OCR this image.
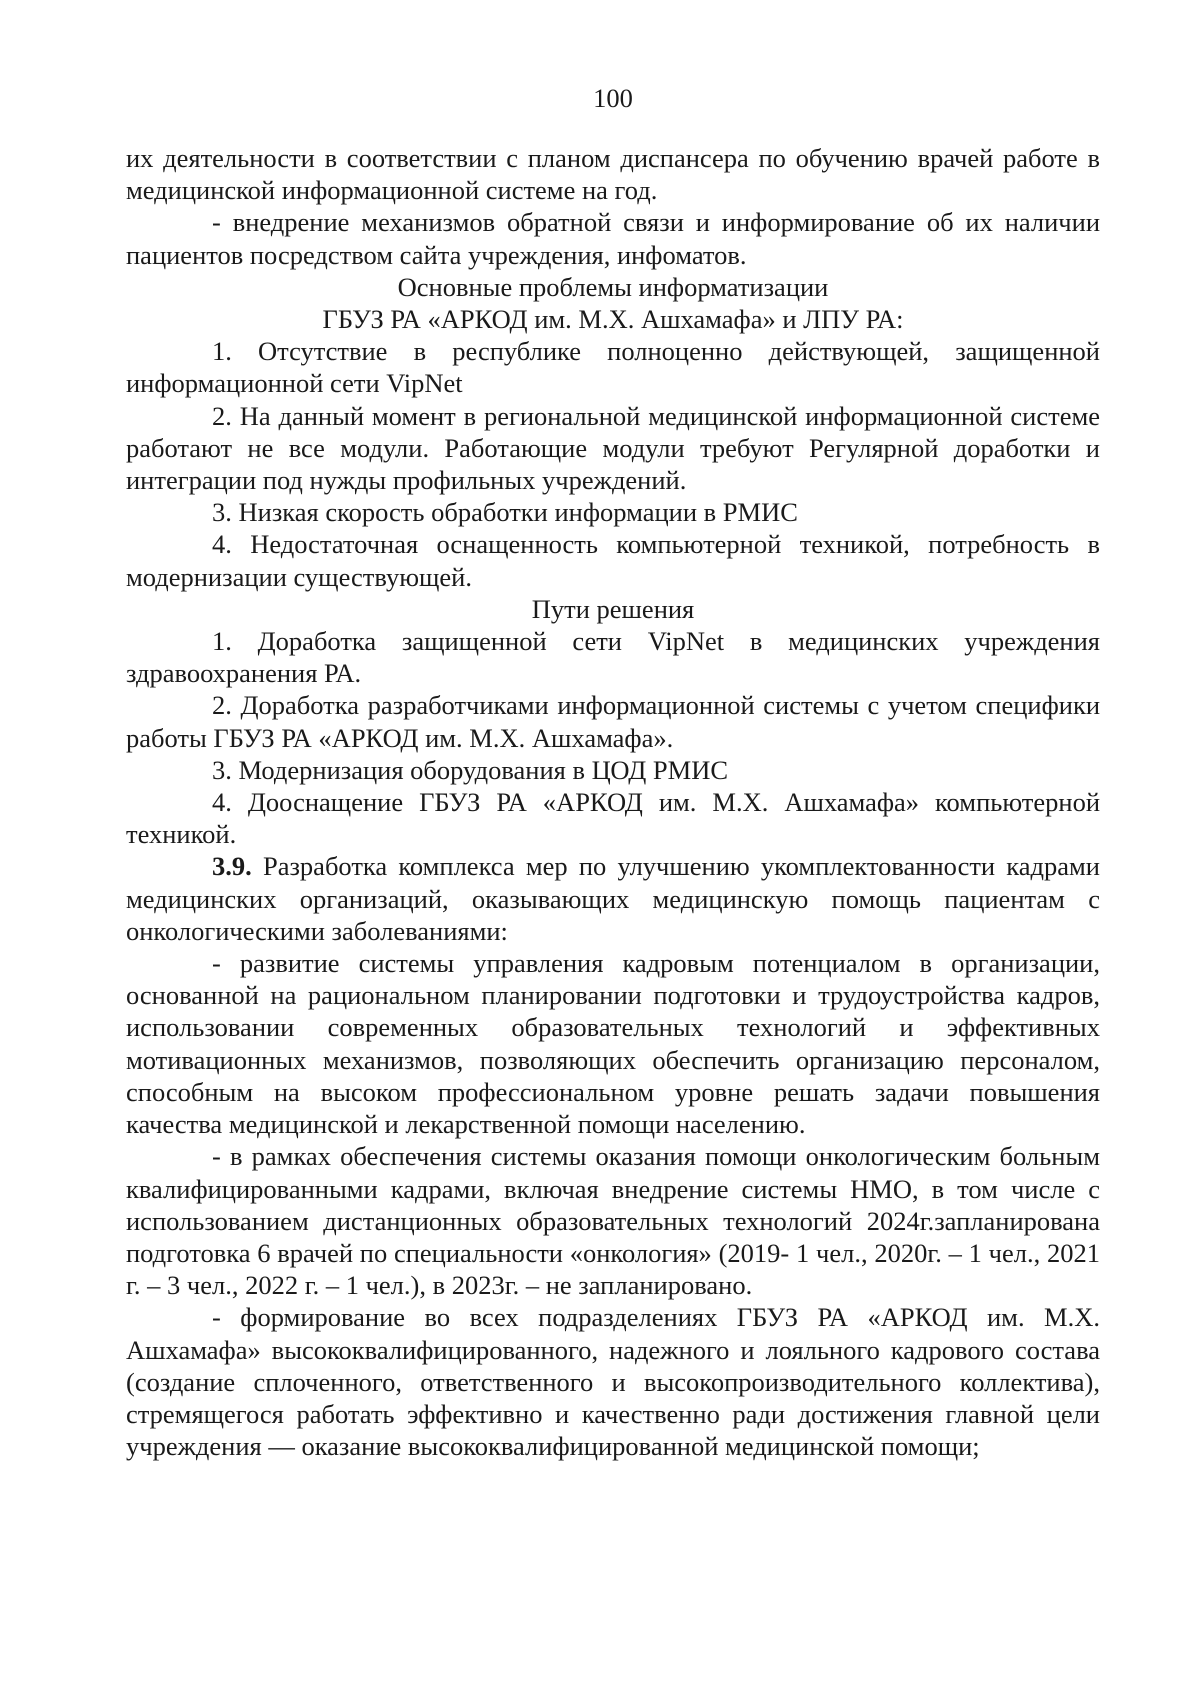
100

их деятельности в соответствии с планом диспансера по обучению врачей работе в медицинской информационной системе на год.

- внедрение механизмов обратной связи и информирование об их наличии пациентов посредством сайта учреждения, инфоматов.

Основные проблемы информатизации

ГБУЗ РА «АРКОД им. М.Х. Ашхамафа» и ЛПУ РА:

1. Отсутствие в республике полноценно действующей, защищенной информационной сети VipNet

2. На данный момент в региональной медицинской информационной системе работают не все модули. Работающие модули требуют Регулярной доработки и интеграции под нужды профильных учреждений.

3. Низкая скорость обработки информации в РМИС

4. Недостаточная оснащенность компьютерной техникой, потребность в модернизации существующей.

Пути решения

1. Доработка защищенной сети VipNet в медицинских учреждения здравоохранения РА.

2. Доработка разработчиками информационной системы с учетом специфики работы ГБУЗ РА «АРКОД им. М.Х. Ашхамафа».

3. Модернизация оборудования в ЦОД РМИС

4. Дооснащение ГБУЗ РА «АРКОД им. М.Х. Ашхамафа» компьютерной техникой.

3.9. Разработка комплекса мер по улучшению укомплектованности кадрами медицинских организаций, оказывающих медицинскую помощь пациентам с онкологическими заболеваниями:

- развитие системы управления кадровым потенциалом в организации, основанной на рациональном планировании подготовки и трудоустройства кадров, использовании современных образовательных технологий и эффективных мотивационных механизмов, позволяющих обеспечить организацию персоналом, способным на высоком профессиональном уровне решать задачи повышения качества медицинской и лекарственной помощи населению.

- в рамках обеспечения системы оказания помощи онкологическим больным квалифицированными кадрами, включая внедрение системы НМО, в том числе с использованием дистанционных образовательных технологий 2024г.запланирована подготовка 6 врачей по специальности «онкология» (2019- 1 чел., 2020г. – 1 чел., 2021 г. – 3 чел., 2022 г. – 1 чел.), в 2023г. – не запланировано.

- формирование во всех подразделениях ГБУЗ РА «АРКОД им. М.Х. Ашхамафа» высококвалифицированного, надежного и лояльного кадрового состава (создание сплоченного, ответственного и высокопроизводительного коллектива), стремящегося работать эффективно и качественно ради достижения главной цели учреждения — оказание высококвалифицированной медицинской помощи;
